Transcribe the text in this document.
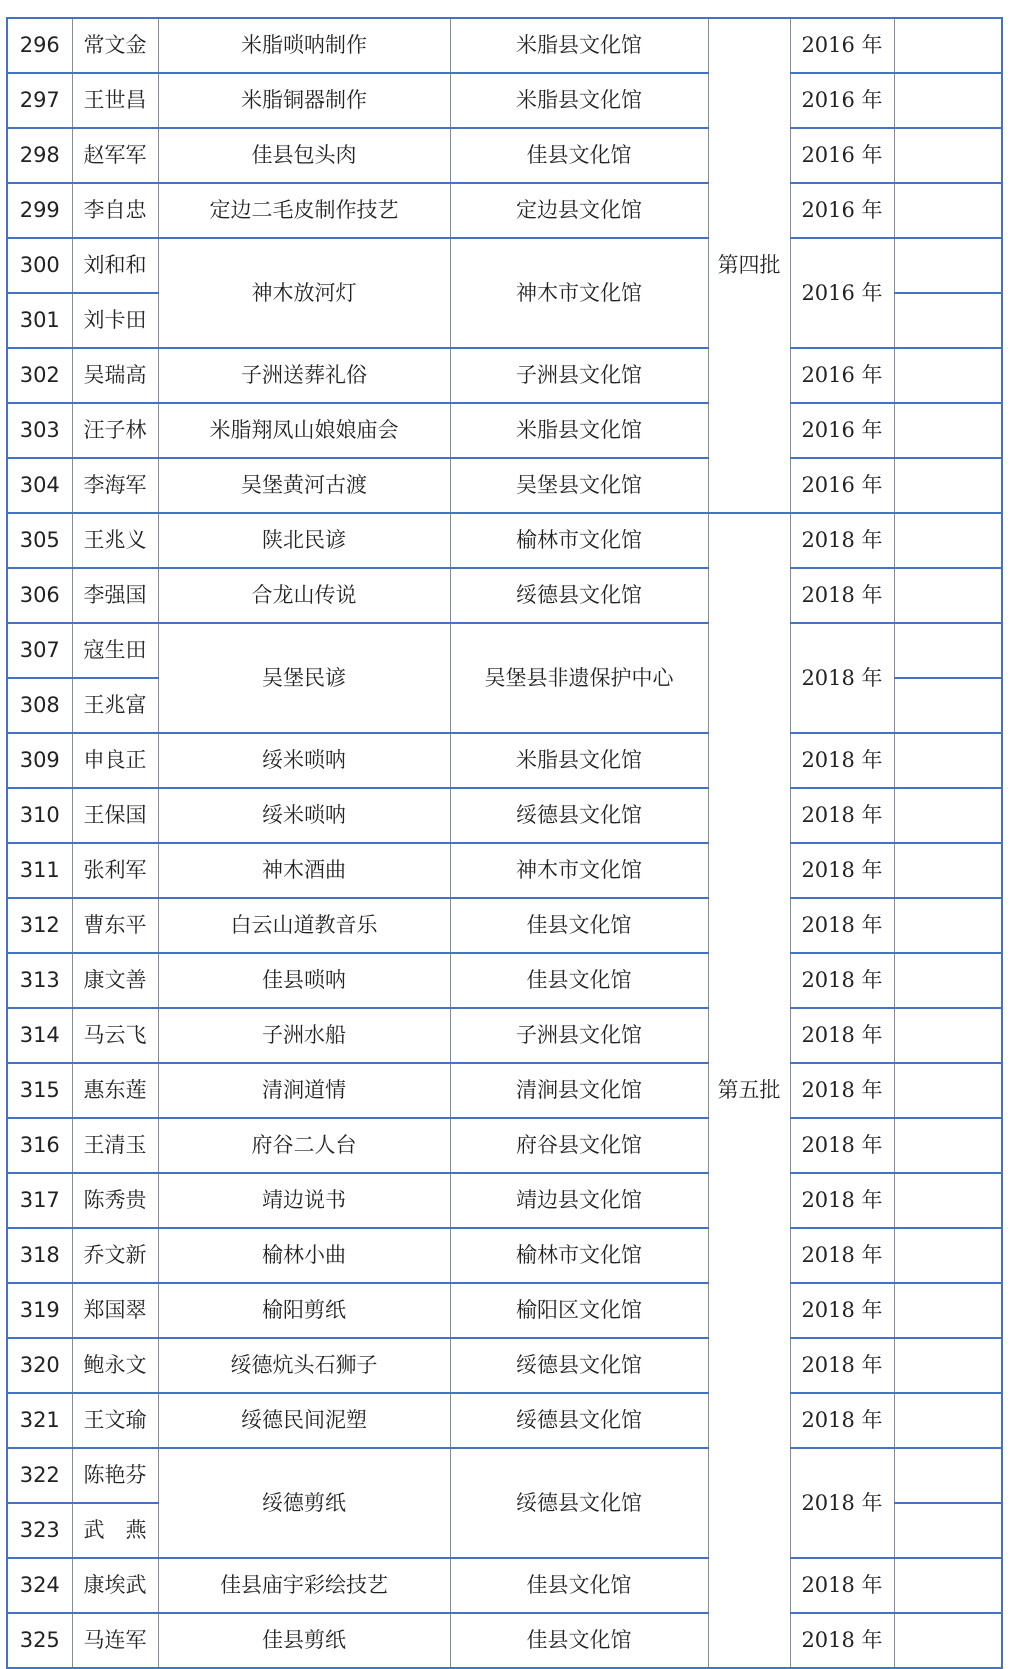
296	常文金	米脂唢呐制作	米脂县文化馆	第四批	2016 年	
297	王世昌	米脂铜器制作	米脂县文化馆		2016 年	
298	赵军军	佳县包头肉	佳县文化馆		2016 年	
299	李自忠	定边二毛皮制作技艺	定边县文化馆		2016 年	
300	刘和和	神木放河灯	神木市文化馆		2016 年	
301	刘卡田					
302	吴瑞高	子洲送葬礼俗	子洲县文化馆		2016 年	
303	汪子林	米脂翔凤山娘娘庙会	米脂县文化馆		2016 年	
304	李海军	吴堡黄河古渡	吴堡县文化馆		2016 年	
305	王兆义	陕北民谚	榆林市文化馆	第五批	2018 年	
306	李强国	合龙山传说	绥德县文化馆		2018 年	
307	寇生田	吴堡民谚	吴堡县非遗保护中心		2018 年	
308	王兆富					
309	申良正	绥米唢呐	米脂县文化馆		2018 年	
310	王保国	绥米唢呐	绥德县文化馆		2018 年	
311	张利军	神木酒曲	神木市文化馆		2018 年	
312	曹东平	白云山道教音乐	佳县文化馆		2018 年	
313	康文善	佳县唢呐	佳县文化馆		2018 年	
314	马云飞	子洲水船	子洲县文化馆		2018 年	
315	惠东莲	清涧道情	清涧县文化馆		2018 年	
316	王清玉	府谷二人台	府谷县文化馆		2018 年	
317	陈秀贵	靖边说书	靖边县文化馆		2018 年	
318	乔文新	榆林小曲	榆林市文化馆		2018 年	
319	郑国翠	榆阳剪纸	榆阳区文化馆		2018 年	
320	鲍永文	绥德炕头石狮子	绥德县文化馆		2018 年	
321	王文瑜	绥德民间泥塑	绥德县文化馆		2018 年	
322	陈艳芬	绥德剪纸	绥德县文化馆		2018 年	
323	武　燕					
324	康埃武	佳县庙宇彩绘技艺	佳县文化馆		2018 年	
325	马连军	佳县剪纸	佳县文化馆		2018 年	
